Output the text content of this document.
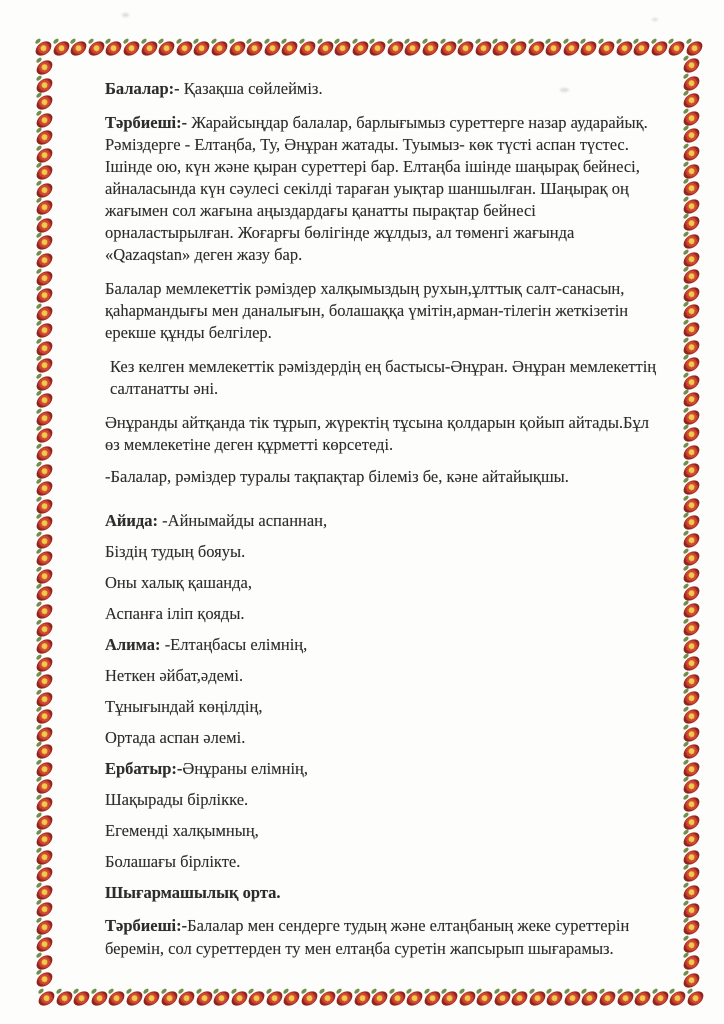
Балалар:- Қазақша сөйлейміз.

Тәрбиеші:- Жарайсыңдар балалар, барлығымыз суреттерге назар аударайық. Рәміздерге - Елтаңба, Ту, Әнұран жатады. Туымыз- көк түсті аспан түстес. Ішінде ою, күн және қыран суреттері бар. Елтаңба ішінде шаңырақ бейнесі, айналасында күн сәулесі секілді тараған уықтар шаншылған. Шаңырақ оң жағымен сол жағына аңыздардағы қанатты пырақтар бейнесі орналастырылған. Жоғарғы бөлігінде жұлдыз, ал төменгі жағында «Qazaqstan» деген жазу бар.

Балалар мемлекеттік рәміздер халқымыздың рухын,ұлттық салт-санасын, қаһармандығы мен даналығын, болашаққа үмітін,арман-тілегін жеткізетін ерекше құнды белгілер.

Кез келген мемлекеттік рәміздердің ең бастысы-Әнұран. Әнұран мемлекеттің салтанатты әні.

Әнұранды айтқанда тік тұрып, жүректің тұсына қолдарын қойып айтады.Бұл өз мемлекетіне деген құрметті көрсетеді.

-Балалар, рәміздер туралы тақпақтар білеміз бе, кәне айтайықшы.

Айида: -Айнымайды аспаннан,

Біздің тудың бояуы.

Оны халық қашанда,

Аспанға іліп қояды.

Алима: -Елтаңбасы елімнің,

Неткен әйбат,әдемі.

Тұнығындай көңілдің,

Ортада аспан әлемі.

Ербатыр:-Әнұраны елімнің,

Шақырады бірлікке.

Егеменді халқымның,

Болашағы бірлікте.

Шығармашылық орта.

Тәрбиеші:-Балалар мен сендерге тудың және елтаңбаның жеке суреттерін беремін, сол суреттерден ту мен елтаңба суретін жапсырып шығарамыз.
